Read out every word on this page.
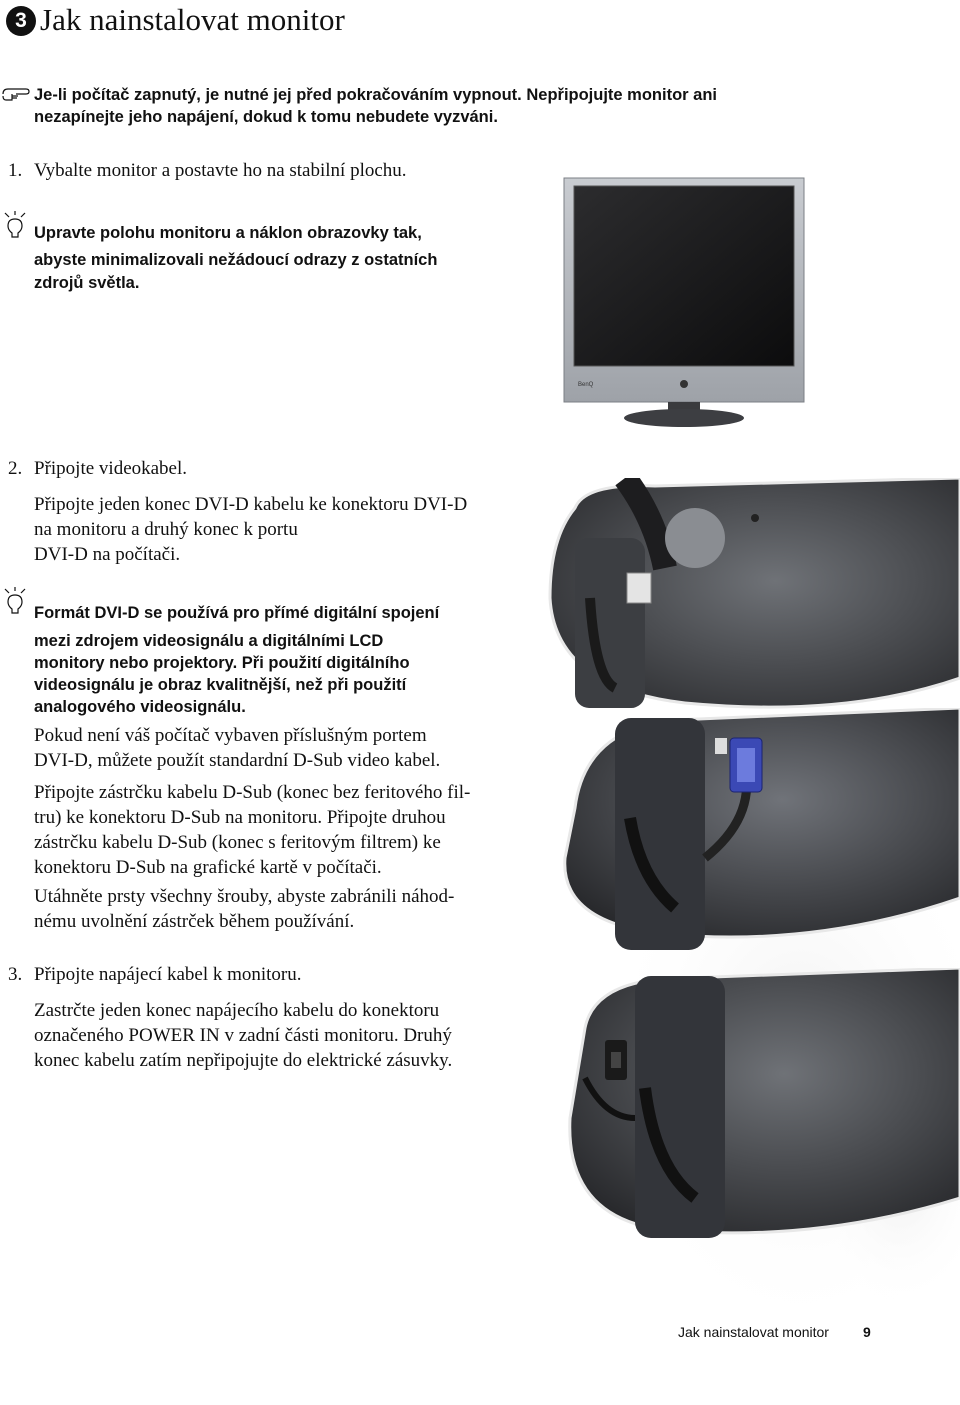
3 Jak nainstalovat monitor
Je-li počítač zapnutý, je nutné jej před pokračováním vypnout. Nepřipojujte monitor ani
nezapínejte jeho napájení, dokud k tomu nebudete vyzváni.
1. Vybalte monitor a postavte ho na stabilní plochu.
Upravte polohu monitoru a náklon obrazovky tak,
abyste minimalizovali nežádoucí odrazy z ostatních
zdrojů světla.
BenQ
2. Připojte videokabel.
Připojte jeden konec DVI-D kabelu ke konektoru DVI-D
na monitoru a druhý konec k portu
DVI-D na počítači.
Formát DVI-D se používá pro přímé digitální spojení
mezi zdrojem videosignálu a digitálními LCD
monitory nebo projektory. Při použití digitálního
videosignálu je obraz kvalitnější, než při použití
analogového videosignálu.
Pokud není váš počítač vybaven příslušným portem
DVI-D, můžete použít standardní D-Sub video kabel.
Připojte zástrčku kabelu D-Sub (konec bez feritového fil-
tru) ke konektoru D-Sub na monitoru. Připojte druhou
zástrčku kabelu D-Sub (konec s feritovým filtrem) ke
konektoru D-Sub na grafické kartě v počítači.
Utáhněte prsty všechny šrouby, abyste zabránili náhod-
nému uvolnění zástrček během používání.
3. Připojte napájecí kabel k monitoru.
Zastrčte jeden konec napájecího kabelu do konektoru
označeného POWER IN v zadní části monitoru. Druhý
konec kabelu zatím nepřipojujte do elektrické zásuvky.
Jak nainstalovat monitor 9
